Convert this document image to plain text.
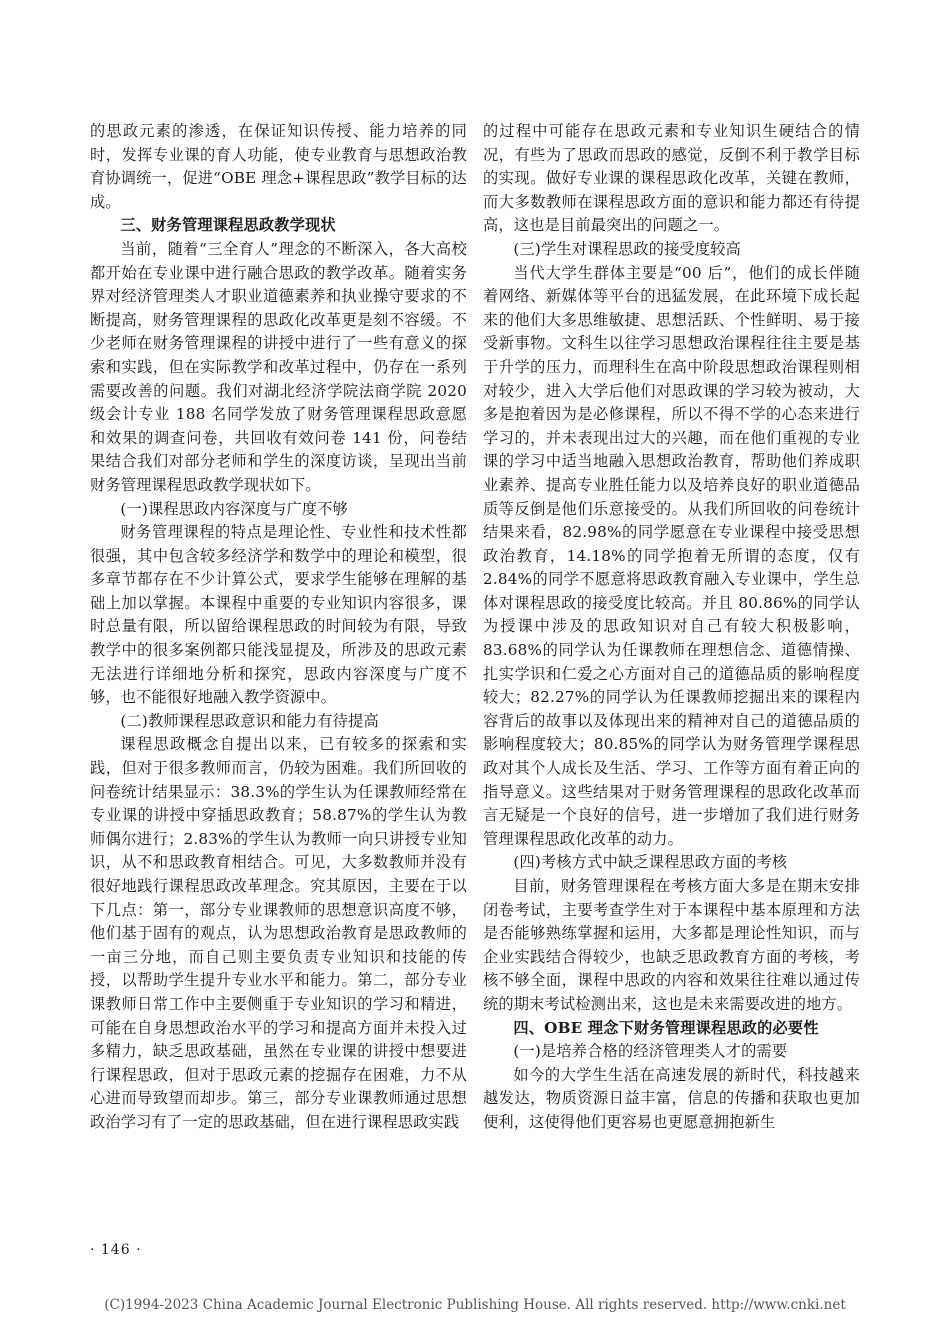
的思政元素的渗透，在保证知识传授、能力培养的同时，发挥专业课的育人功能，使专业教育与思想政治教育协调统一，促进“OBE 理念+课程思政”教学目标的达成。

三、财务管理课程思政教学现状

当前，随着“三全育人”理念的不断深入，各大高校都开始在专业课中进行融合思政的教学改革。随着实务界对经济管理类人才职业道德素养和执业操守要求的不断提高，财务管理课程的思政化改革更是刻不容缓。不少老师在财务管理课程的讲授中进行了一些有意义的探索和实践，但在实际教学和改革过程中，仍存在一系列需要改善的问题。我们对湖北经济学院法商学院 2020 级会计专业 188 名同学发放了财务管理课程思政意愿和效果的调查问卷，共回收有效问卷 141 份，问卷结果结合我们对部分老师和学生的深度访谈，呈现出当前财务管理课程思政教学现状如下。

(一)课程思政内容深度与广度不够

财务管理课程的特点是理论性、专业性和技术性都很强，其中包含较多经济学和数学中的理论和模型，很多章节都存在不少计算公式，要求学生能够在理解的基础上加以掌握。本课程中重要的专业知识内容很多，课时总量有限，所以留给课程思政的时间较为有限，导致教学中的很多案例都只能浅显提及，所涉及的思政元素无法进行详细地分析和探究，思政内容深度与广度不够，也不能很好地融入教学资源中。

(二)教师课程思政意识和能力有待提高

课程思政概念自提出以来，已有较多的探索和实践，但对于很多教师而言，仍较为困难。我们所回收的问卷统计结果显示：38.3%的学生认为任课教师经常在专业课的讲授中穿插思政教育；58.87%的学生认为教师偶尔进行；2.83%的学生认为教师一向只讲授专业知识，从不和思政教育相结合。可见，大多数教师并没有很好地践行课程思政改革理念。究其原因，主要在于以下几点：第一，部分专业课教师的思想意识高度不够，他们基于固有的观点，认为思想政治教育是思政教师的一亩三分地，而自己则主要负责专业知识和技能的传授，以帮助学生提升专业水平和能力。第二，部分专业课教师日常工作中主要侧重于专业知识的学习和精进，可能在自身思想政治水平的学习和提高方面并未投入过多精力，缺乏思政基础，虽然在专业课的讲授中想要进行课程思政，但对于思政元素的挖掘存在困难，力不从心进而导致望而却步。第三，部分专业课教师通过思想政治学习有了一定的思政基础，但在进行课程思政实践

的过程中可能存在思政元素和专业知识生硬结合的情况，有些为了思政而思政的感觉，反倒不利于教学目标的实现。做好专业课的课程思政化改革，关键在教师，而大多数教师在课程思政方面的意识和能力都还有待提高，这也是目前最突出的问题之一。

(三)学生对课程思政的接受度较高

当代大学生群体主要是“00 后”，他们的成长伴随着网络、新媒体等平台的迅猛发展，在此环境下成长起来的他们大多思维敏捷、思想活跃、个性鲜明、易于接受新事物。文科生以往学习思想政治课程往往主要是基于升学的压力，而理科生在高中阶段思想政治课程则相对较少，进入大学后他们对思政课的学习较为被动，大多是抱着因为是必修课程，所以不得不学的心态来进行学习的，并未表现出过大的兴趣，而在他们重视的专业课的学习中适当地融入思想政治教育，帮助他们养成职业素养、提高专业胜任能力以及培养良好的职业道德品质等反倒是他们乐意接受的。从我们所回收的问卷统计结果来看，82.98%的同学愿意在专业课程中接受思想政治教育，14.18%的同学抱着无所谓的态度，仅有 2.84%的同学不愿意将思政教育融入专业课中，学生总体对课程思政的接受度比较高。并且 80.86%的同学认为授课中涉及的思政知识对自己有较大积极影响，83.68%的同学认为任课教师在理想信念、道德情操、扎实学识和仁爱之心方面对自己的道德品质的影响程度较大；82.27%的同学认为任课教师挖掘出来的课程内容背后的故事以及体现出来的精神对自己的道德品质的影响程度较大；80.85%的同学认为财务管理学课程思政对其个人成长及生活、学习、工作等方面有着正向的指导意义。这些结果对于财务管理课程的思政化改革而言无疑是一个良好的信号，进一步增加了我们进行财务管理课程思政化改革的动力。

(四)考核方式中缺乏课程思政方面的考核

目前，财务管理课程在考核方面大多是在期末安排闭卷考试，主要考查学生对于本课程中基本原理和方法是否能够熟练掌握和运用，大多都是理论性知识，而与企业实践结合得较少，也缺乏思政教育方面的考核，考核不够全面，课程中思政的内容和效果往往难以通过传统的期末考试检测出来，这也是未来需要改进的地方。

四、OBE 理念下财务管理课程思政的必要性

(一)是培养合格的经济管理类人才的需要

如今的大学生生活在高速发展的新时代，科技越来越发达，物质资源日益丰富，信息的传播和获取也更加便利，这使得他们更容易也更愿意拥抱新生

· 146 ·
(C)1994-2023 China Academic Journal Electronic Publishing House. All rights reserved. http://www.cnki.net
